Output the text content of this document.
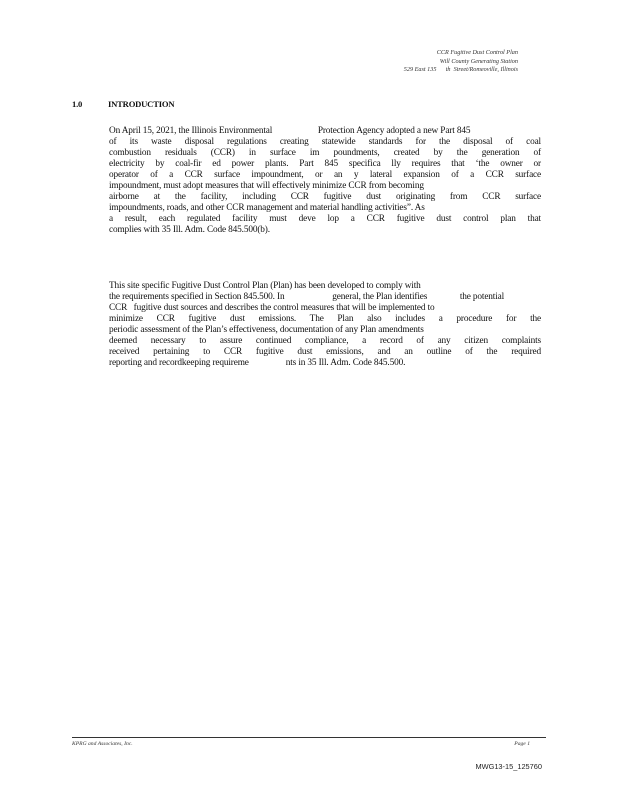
CCR Fugitive Dust Control Plan
Will County Generating Station
529 East 135      th  Street/Romeoville, Illinois
1.0	INTRODUCTION
On April 15, 2021, the Illinois Environmental                     Protection Agency adopted a new Part 845
of its waste disposal regulations creating statewide standards for the disposal of coal
combustion residuals (CCR) in surface im poundments, created by the generation of
electricity by coal-fir ed power plants. Part 845 specifica lly requires that ‘the owner or
operator of a CCR surface impoundment, or an y lateral expansion of a CCR surface
impoundment, must adopt measures that will effectively minimize CCR from becoming
airborne at the facility, including CCR fugitive dust originating from CCR surface
impoundments, roads, and other CCR management and material handling activities”. As
a result, each regulated facility must deve lop a CCR fugitive dust control plan that
complies with 35 Ill. Adm. Code 845.500(b).
This site specific Fugitive Dust Control Plan (Plan) has been developed to comply with
the requirements specified in Section 845.500. In                      general, the Plan identifies               the potential
CCR   fugitive dust sources and describes the control measures that will be implemented to
minimize CCR fugitive dust emissions. The Plan also includes a procedure for the
periodic assessment of the Plan’s effectiveness, documentation of any Plan amendments
deemed necessary to assure continued compliance, a record of any citizen complaints
received pertaining to CCR fugitive dust emissions, and an outline of the required
reporting and recordkeeping requireme                 nts in 35 Ill. Adm. Code 845.500.
KPRG and Associates, Inc.	Page 1
MWG13-15_125760
